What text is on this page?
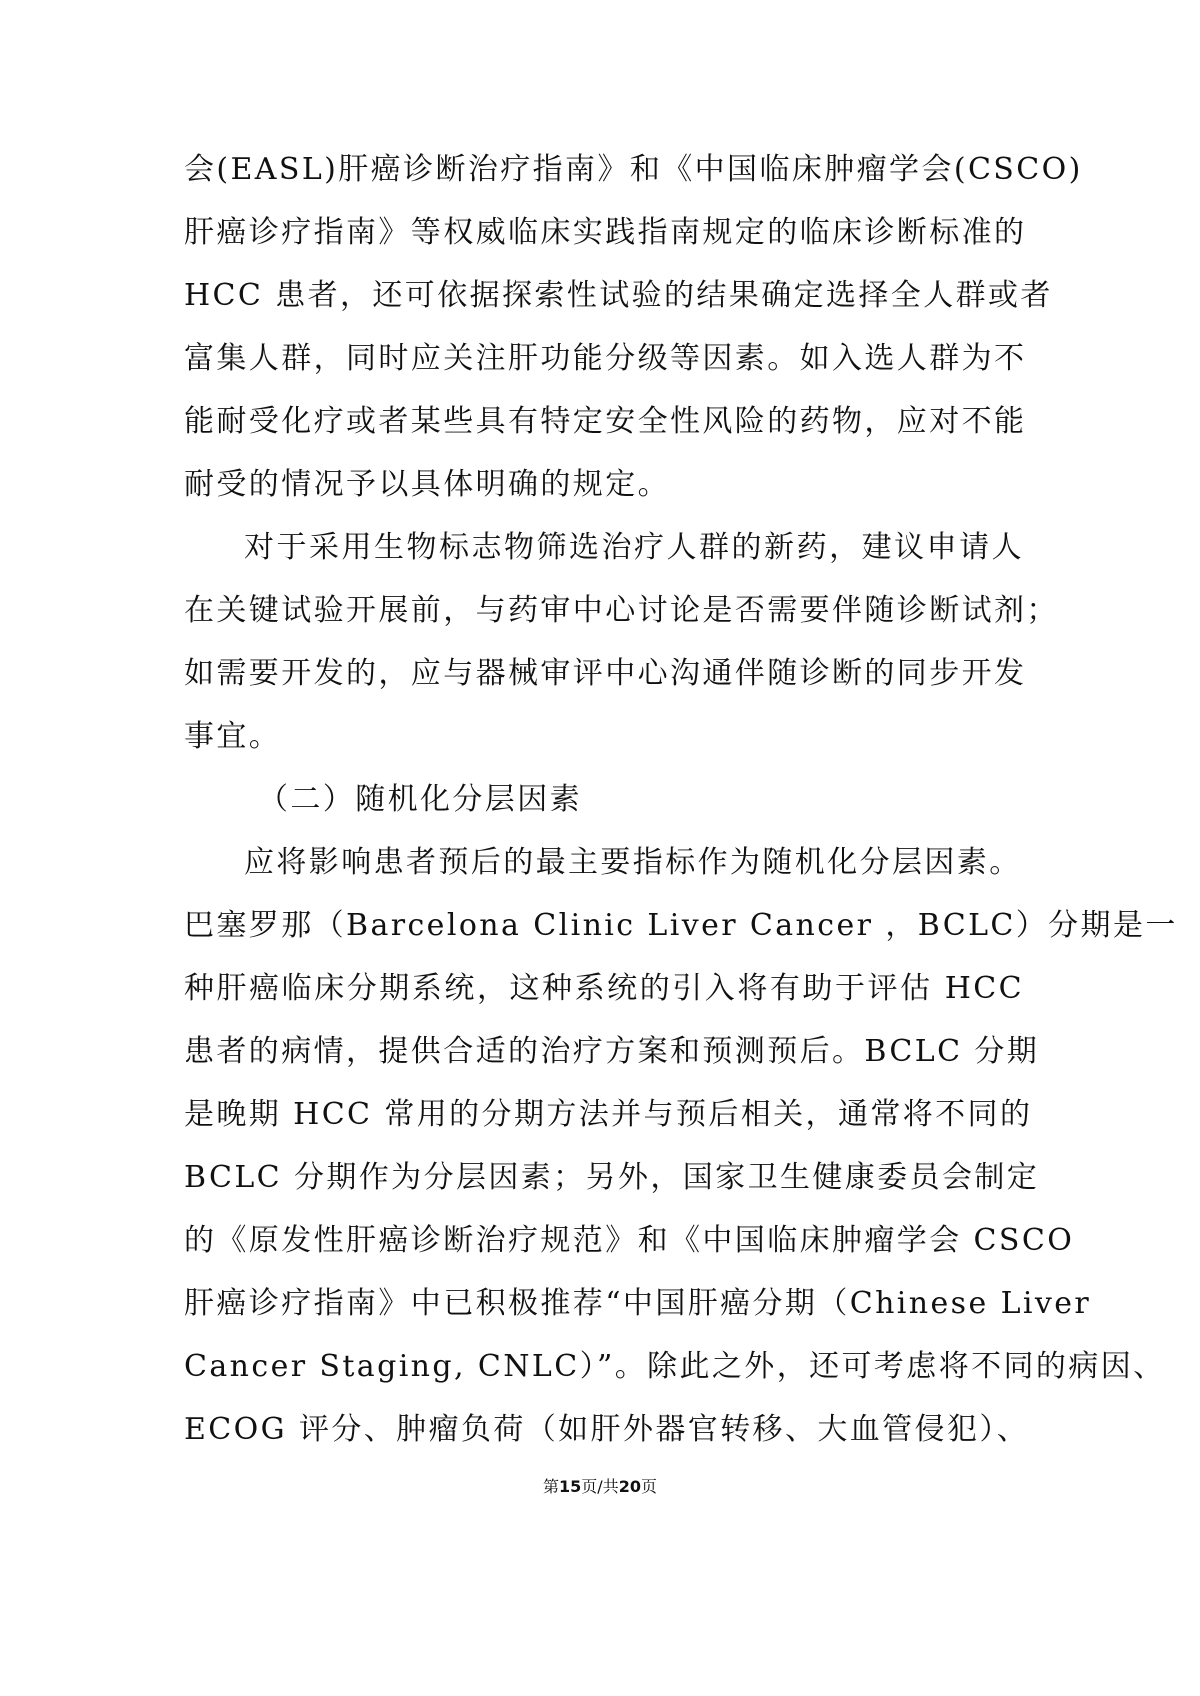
会(EASL)肝癌诊断治疗指南》和《中国临床肿瘤学会(CSCO)
肝癌诊疗指南》等权威临床实践指南规定的临床诊断标准的
HCC 患者，还可依据探索性试验的结果确定选择全人群或者
富集人群，同时应关注肝功能分级等因素。如入选人群为不
能耐受化疗或者某些具有特定安全性风险的药物，应对不能
耐受的情况予以具体明确的规定。
对于采用生物标志物筛选治疗人群的新药，建议申请人
在关键试验开展前，与药审中心讨论是否需要伴随诊断试剂；
如需要开发的，应与器械审评中心沟通伴随诊断的同步开发
事宜。
（二）随机化分层因素
应将影响患者预后的最主要指标作为随机化分层因素。
巴塞罗那（Barcelona Clinic Liver Cancer ，BCLC）分期是一
种肝癌临床分期系统，这种系统的引入将有助于评估 HCC
患者的病情，提供合适的治疗方案和预测预后。BCLC 分期
是晚期 HCC 常用的分期方法并与预后相关，通常将不同的
BCLC 分期作为分层因素；另外，国家卫生健康委员会制定
的《原发性肝癌诊断治疗规范》和《中国临床肿瘤学会 CSCO
肝癌诊疗指南》中已积极推荐“中国肝癌分期（Chinese Liver
Cancer Staging, CNLC）”。除此之外，还可考虑将不同的病因、
ECOG 评分、肿瘤负荷（如肝外器官转移、大血管侵犯）、
第15页/共20页
